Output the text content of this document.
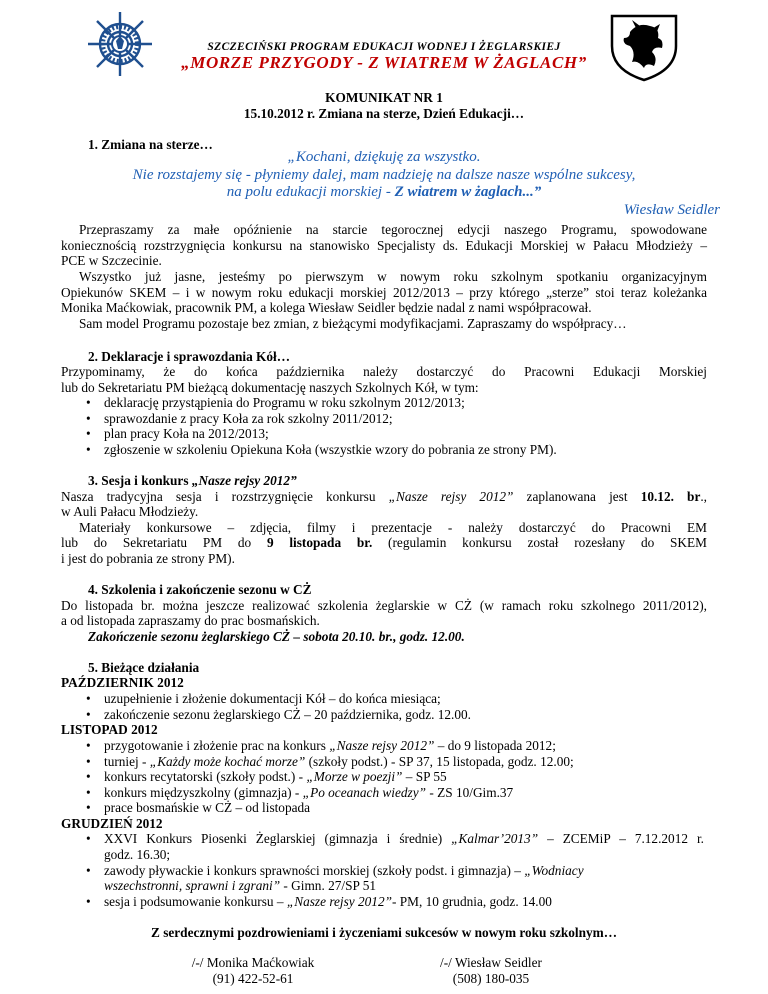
SZCZECIŃSKI PROGRAM EDUKACJI WODNEJ I ŻEGLARSKIEJ
„MORZE PRZYGODY - Z WIATREM W ŻAGLACH”
KOMUNIKAT NR 1
15.10.2012 r. Zmiana na sterze, Dzień Edukacji…
1. Zmiana na sterze…
„Kochani, dziękuję za wszystko.
Nie rozstajemy się - płyniemy dalej, mam nadzieję na dalsze nasze wspólne sukcesy,
na polu edukacji morskiej - Z wiatrem w żaglach...”
Wiesław Seidler
Przepraszamy za małe opóźnienie na starcie tegorocznej edycji naszego Programu, spowodowane
koniecznością rozstrzygnięcia konkursu na stanowisko Specjalisty ds. Edukacji Morskiej w Pałacu Młodzieży –
PCE w Szczecinie.
Wszystko już jasne, jesteśmy po pierwszym w nowym roku szkolnym spotkaniu organizacyjnym
Opiekunów SKEM – i w nowym roku edukacji morskiej 2012/2013 – przy którego „sterze” stoi teraz koleżanka
Monika Maćkowiak, pracownik PM, a kolega Wiesław Seidler będzie nadal z nami współpracował.
Sam model Programu pozostaje bez zmian, z bieżącymi modyfikacjami. Zapraszamy do współpracy…
2. Deklaracje i sprawozdania Kół…
Przypominamy, że do końca października należy dostarczyć do Pracowni Edukacji Morskiej
lub do Sekretariatu PM bieżącą dokumentację naszych Szkolnych Kół, w tym:
• deklarację przystąpienia do Programu w roku szkolnym 2012/2013;
• sprawozdanie z pracy Koła za rok szkolny 2011/2012;
• plan pracy Koła na 2012/2013;
• zgłoszenie w szkoleniu Opiekuna Koła (wszystkie wzory do pobrania ze strony PM).
3. Sesja i konkurs „Nasze rejsy 2012”
Nasza tradycyjna sesja i rozstrzygnięcie konkursu „Nasze rejsy 2012” zaplanowana jest 10.12. br.,
w Auli Pałacu Młodzieży.
Materiały konkursowe – zdjęcia, filmy i prezentacje - należy dostarczyć do Pracowni EM
lub do Sekretariatu PM do 9 listopada br. (regulamin konkursu został rozesłany do SKEM
i jest do pobrania ze strony PM).
4. Szkolenia i zakończenie sezonu w CŻ
Do listopada br. można jeszcze realizować szkolenia żeglarskie w CŻ (w ramach roku szkolnego 2011/2012),
a od listopada zapraszamy do prac bosmańskich.
Zakończenie sezonu żeglarskiego CŻ – sobota 20.10. br., godz. 12.00.
5. Bieżące działania
PAŹDZIERNIK 2012
• uzupełnienie i złożenie dokumentacji Kół – do końca miesiąca;
• zakończenie sezonu żeglarskiego CŻ – 20 października, godz. 12.00.
LISTOPAD 2012
• przygotowanie i złożenie prac na konkurs „Nasze rejsy 2012” – do 9 listopada 2012;
• turniej - „Każdy może kochać morze” (szkoły podst.) - SP 37, 15 listopada, godz. 12.00;
• konkurs recytatorski (szkoły podst.) - „Morze w poezji” – SP 55
• konkurs międzyszkolny (gimnazja) - „Po oceanach wiedzy” - ZS 10/Gim.37
• prace bosmańskie w CŻ – od listopada
GRUDZIEŃ 2012
• XXVI Konkurs Piosenki Żeglarskiej (gimnazja i średnie) „Kalmar’2013” – ZCEMiP – 7.12.2012 r.
godz. 16.30;
• zawody pływackie i konkurs sprawności morskiej (szkoły podst. i gimnazja) – „Wodniacy
wszechstronni, sprawni i zgrani” - Gimn. 27/SP 51
• sesja i podsumowanie konkursu – „Nasze rejsy 2012”- PM, 10 grudnia, godz. 14.00
Z serdecznymi pozdrowieniami i życzeniami sukcesów w nowym roku szkolnym…
/-/ Monika Maćkowiak
(91) 422-52-61
/-/ Wiesław Seidler
(508) 180-035
